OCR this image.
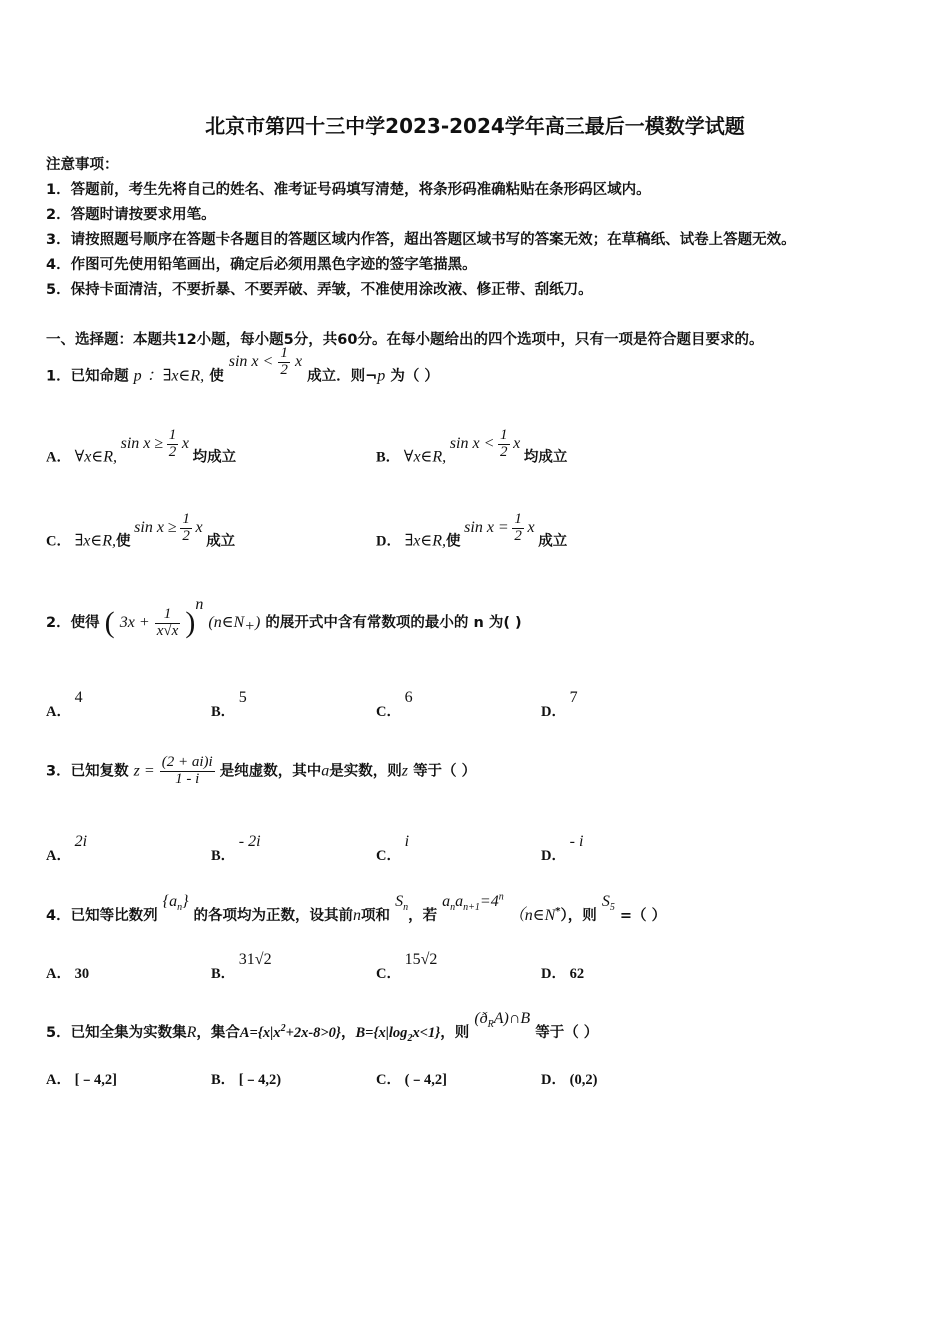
北京市第四十三中学2023-2024学年高三最后一模数学试题
注意事项：
1．答题前，考生先将自己的姓名、准考证号码填写清楚，将条形码准确粘贴在条形码区域内。
2．答题时请按要求用笔。
3．请按照题号顺序在答题卡各题目的答题区域内作答，超出答题区域书写的答案无效；在草稿纸、试卷上答题无效。
4．作图可先使用铅笔画出，确定后必须用黑色字迹的签字笔描黑。
5．保持卡面清洁，不要折暴、不要弄破、弄皱，不准使用涂改液、修正带、刮纸刀。
一、选择题：本题共12小题，每小题5分，共60分。在每小题给出的四个选项中，只有一项是符合题目要求的。
1．已知命题 p ：∃x∈R, 使 $\sin x < \frac{1}{2}$ x 成立．则¬p 为（ ）
A． ∀x∈R, $\sin x \ge \frac{1}{2}$ x 均成立	B． ∀x∈R, $\sin x < \frac{1}{2}$ x 均成立
C． ∃x∈R,使 $\sin x \ge \frac{1}{2}$ x 成立	D． ∃x∈R,使 $\sin x = \frac{1}{2}$ x 成立
2．使得 ( $3x + \frac{1}{x√x} )^n$ $(n\in N_+)$ 的展开式中含有常数项的最小的 n 为( )
A． 4
B． 5
C． 6
D． 7
3．已知复数 $z = \frac{(2 + ai)i}{1 - i}$ 是纯虚数，其中a是实数，则z 等于（ ）
A． 2i
B． - 2i
C． i
D． - i
4．已知等比数列 $\{a_n\}$ 的各项均为正数，设其前n项和 $S_n$，若 $a_na_{n+1}=4^n$ （n∈N*），则 $S_5$ =（ ）
A． 30	B． 31√2
C． 15√2
D． 62
5．已知全集为实数集R，集合$A=\{x|x^2+2x-8>0\}$，$B=\{x|\log_2x<1\}$，则 $(ð_RA)\cap B$ 等于（ ）
A． [﹣4,2]	B． [﹣4,2)	C． (﹣4,2]	D． (0,2)
